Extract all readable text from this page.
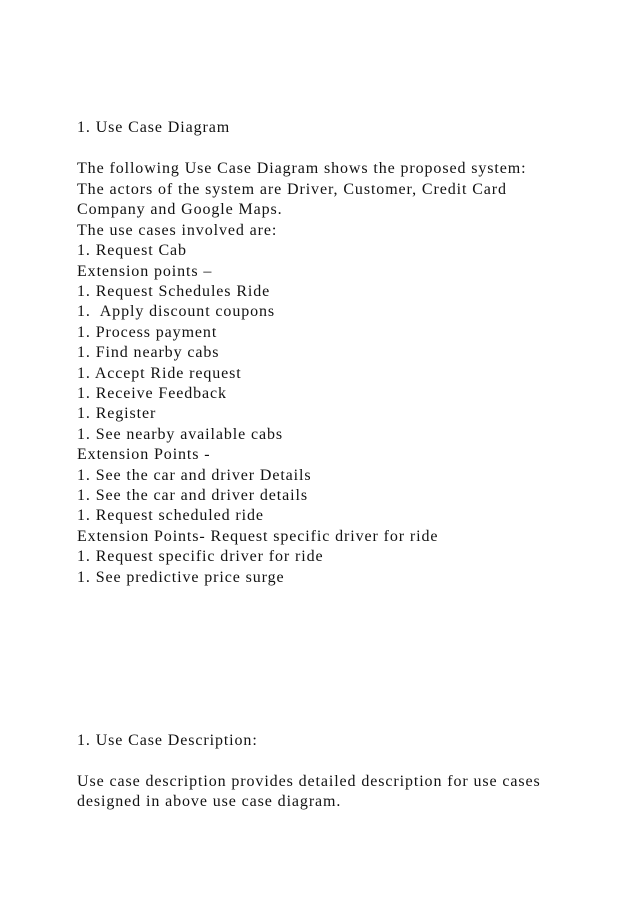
1. Use Case Diagram
The following Use Case Diagram shows the proposed system:
The actors of the system are Driver, Customer, Credit Card
Company and Google Maps.
The use cases involved are:
1. Request Cab
Extension points –
1. Request Schedules Ride
1.  Apply discount coupons
1. Process payment
1. Find nearby cabs
1. Accept Ride request
1. Receive Feedback
1. Register
1. See nearby available cabs
Extension Points -
1. See the car and driver Details
1. See the car and driver details
1. Request scheduled ride
Extension Points- Request specific driver for ride
1. Request specific driver for ride
1. See predictive price surge
1. Use Case Description:
Use case description provides detailed description for use cases
designed in above use case diagram.
